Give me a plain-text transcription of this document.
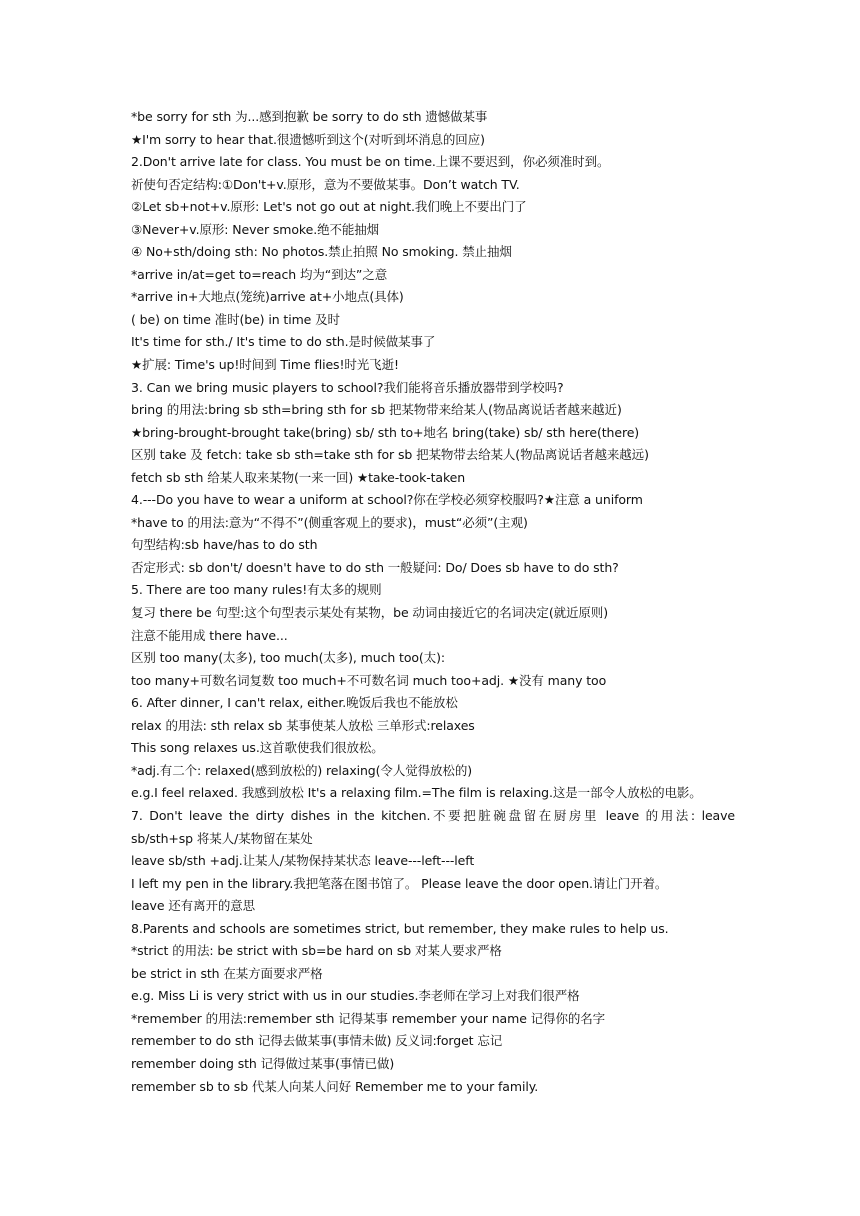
*be sorry for sth 为...感到抱歉 be sorry to do sth 遗憾做某事
★I'm sorry to hear that.很遗憾听到这个(对听到坏消息的回应)
2.Don't arrive late for class. You must be on time.上课不要迟到，你必须准时到。
祈使句否定结构:①Don't+v.原形，意为不要做某事。Don’t watch TV.
②Let sb+not+v.原形: Let's not go out at night.我们晚上不要出门了
③Never+v.原形: Never smoke.绝不能抽烟
④ No+sth/doing sth: No photos.禁止拍照 No smoking. 禁止抽烟
*arrive in/at=get to=reach 均为“到达”之意
*arrive in+大地点(笼统)arrive at+小地点(具体)
( be) on time 准时(be) in time 及时
It's time for sth./ It's time to do sth.是时候做某事了
★扩展: Time's up!时间到 Time flies!时光飞逝!
3. Can we bring music players to school?我们能将音乐播放器带到学校吗?
bring 的用法:bring sb sth=bring sth for sb 把某物带来给某人(物品离说话者越来越近)
★bring-brought-brought take(bring) sb/ sth to+地名 bring(take) sb/ sth here(there)
区别 take 及 fetch: take sb sth=take sth for sb 把某物带去给某人(物品离说话者越来越远)
fetch sb sth 给某人取来某物(一来一回) ★take-took-taken
4.---Do you have to wear a uniform at school?你在学校必须穿校服吗?★注意 a uniform
*have to 的用法:意为“不得不”(侧重客观上的要求)，must“必须”(主观)
句型结构:sb have/has to do sth
否定形式: sb don't/ doesn't have to do sth 一般疑问: Do/ Does sb have to do sth?
5. There are too many rules!有太多的规则
复习 there be 句型:这个句型表示某处有某物，be 动词由接近它的名词决定(就近原则)
注意不能用成 there have...
区别 too many(太多), too much(太多), much too(太):
too many+可数名词复数 too much+不可数名词 much too+adj. ★没有 many too
6. After dinner, I can't relax, either.晚饭后我也不能放松
relax 的用法: sth relax sb 某事使某人放松 三单形式:relaxes
This song relaxes us.这首歌使我们很放松。
*adj.有二个: relaxed(感到放松的) relaxing(令人觉得放松的)
e.g.I feel relaxed. 我感到放松 It's a relaxing film.=The film is relaxing.这是一部令人放松的电影。
7. Don't leave the dirty dishes in the kitchen.不要把脏碗盘留在厨房里 leave 的用法: leave
sb/sth+sp 将某人/某物留在某处
leave sb/sth +adj.让某人/某物保持某状态 leave---left---left
I left my pen in the library.我把笔落在图书馆了。 Please leave the door open.请让门开着。
leave 还有离开的意思
8.Parents and schools are sometimes strict, but remember, they make rules to help us.
*strict 的用法: be strict with sb=be hard on sb 对某人要求严格
be strict in sth 在某方面要求严格
e.g. Miss Li is very strict with us in our studies.李老师在学习上对我们很严格
*remember 的用法:remember sth 记得某事 remember your name 记得你的名字
remember to do sth 记得去做某事(事情未做) 反义词:forget 忘记
remember doing sth 记得做过某事(事情已做)
remember sb to sb 代某人向某人问好 Remember me to your family.
